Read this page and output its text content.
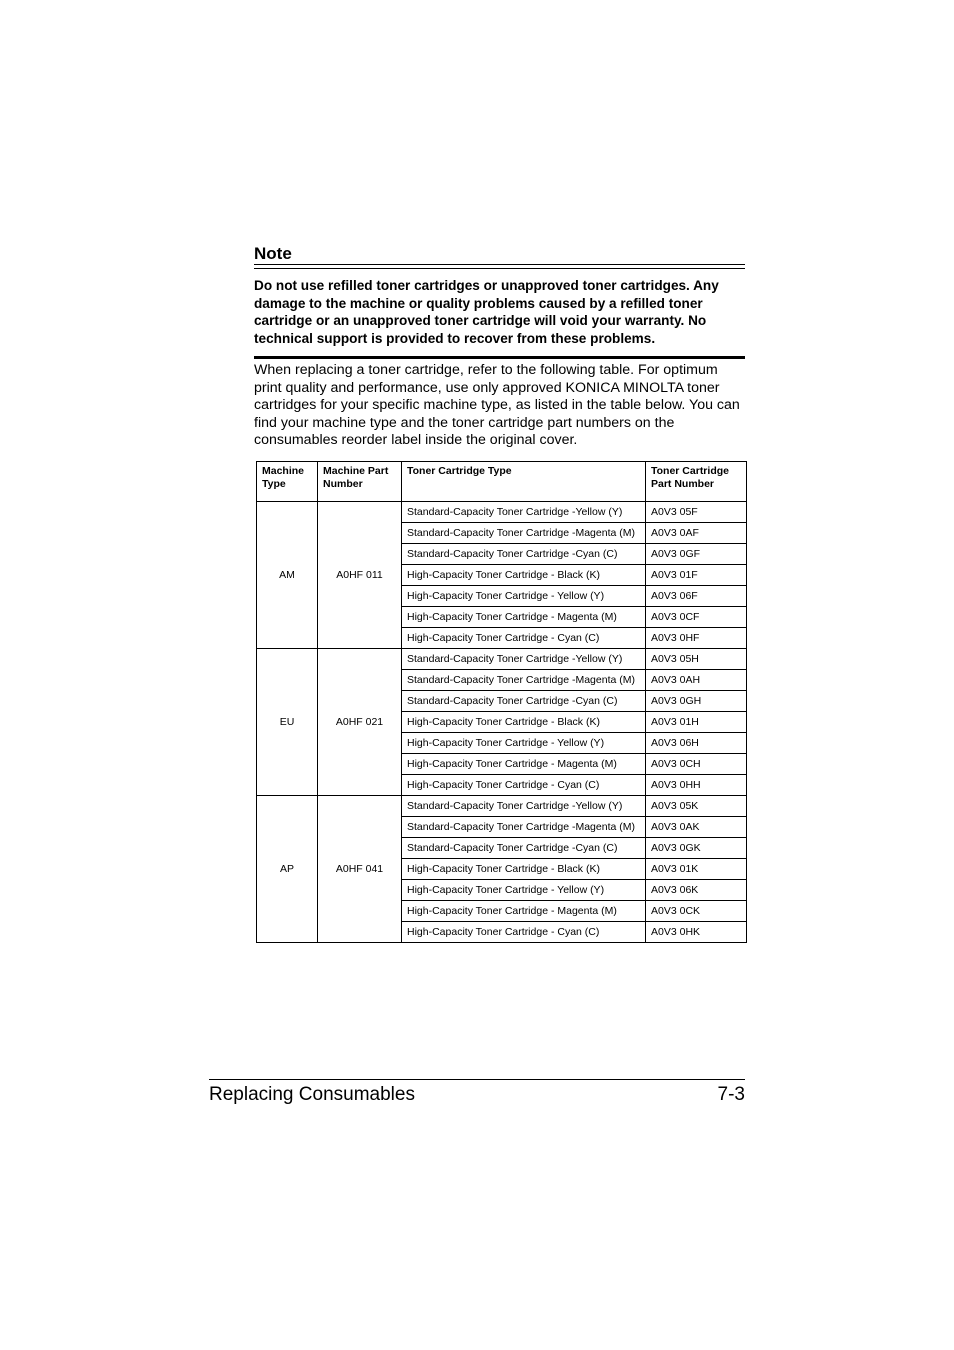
Note
Do not use refilled toner cartridges or unapproved toner cartridges. Any damage to the machine or quality problems caused by a refilled toner cartridge or an unapproved toner cartridge will void your warranty. No technical support is provided to recover from these problems.
When replacing a toner cartridge, refer to the following table. For optimum print quality and performance, use only approved KONICA MINOLTA toner cartridges for your specific machine type, as listed in the table below. You can find your machine type and the toner cartridge part numbers on the consumables reorder label inside the original cover.
Machine Type	Machine Part Number	Toner Cartridge Type	Toner Cartridge Part Number
AM	A0HF 011	Standard-Capacity Toner Cartridge -Yellow (Y)	A0V3 05F
		Standard-Capacity Toner Cartridge -Magenta (M)	A0V3 0AF
		Standard-Capacity Toner Cartridge -Cyan (C)	A0V3 0GF
		High-Capacity Toner Cartridge - Black (K)	A0V3 01F
		High-Capacity Toner Cartridge - Yellow (Y)	A0V3 06F
		High-Capacity Toner Cartridge - Magenta (M)	A0V3 0CF
		High-Capacity Toner Cartridge - Cyan (C)	A0V3 0HF
EU	A0HF 021	Standard-Capacity Toner Cartridge -Yellow (Y)	A0V3 05H
		Standard-Capacity Toner Cartridge -Magenta (M)	A0V3 0AH
		Standard-Capacity Toner Cartridge -Cyan (C)	A0V3 0GH
		High-Capacity Toner Cartridge - Black (K)	A0V3 01H
		High-Capacity Toner Cartridge - Yellow (Y)	A0V3 06H
		High-Capacity Toner Cartridge - Magenta (M)	A0V3 0CH
		High-Capacity Toner Cartridge - Cyan (C)	A0V3 0HH
AP	A0HF 041	Standard-Capacity Toner Cartridge -Yellow (Y)	A0V3 05K
		Standard-Capacity Toner Cartridge -Magenta (M)	A0V3 0AK
		Standard-Capacity Toner Cartridge -Cyan (C)	A0V3 0GK
		High-Capacity Toner Cartridge - Black (K)	A0V3 01K
		High-Capacity Toner Cartridge - Yellow (Y)	A0V3 06K
		High-Capacity Toner Cartridge - Magenta (M)	A0V3 0CK
		High-Capacity Toner Cartridge - Cyan (C)	A0V3 0HK
Replacing Consumables	7-3
